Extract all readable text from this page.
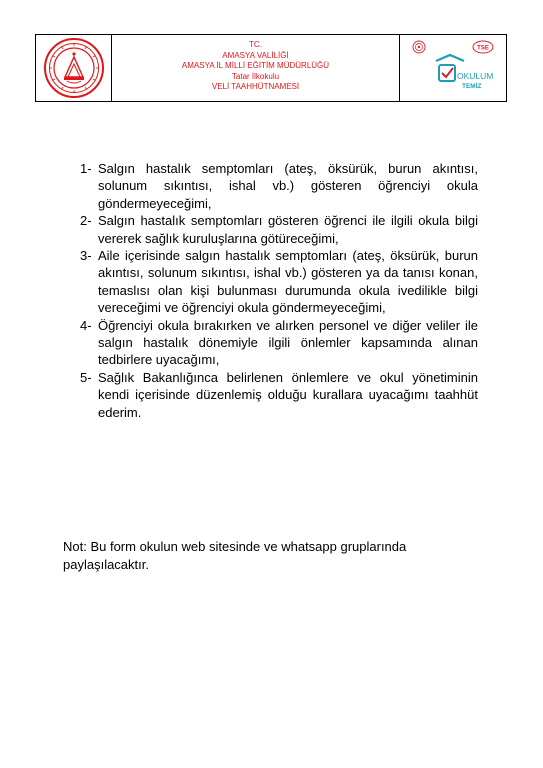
TC.
AMASYA VALİLİĞİ
AMASYA İL MİLLİ EĞİTİM MÜDÜRLÜĞÜ
Tatar İlkokulu
VELİ TAAHHÜTNAMESİ
TSE
OKULUM
TEMİZ
1- Salgın hastalık semptomları (ateş, öksürük, burun akıntısı, solunum sıkıntısı, ishal vb.) gösteren öğrenciyi okula göndermeyeceğimi,
2- Salgın hastalık semptomları gösteren öğrenci ile ilgili okula bilgi vererek sağlık kuruluşlarına götüreceğimi,
3- Aile içerisinde salgın hastalık semptomları (ateş, öksürük, burun akıntısı, solunum sıkıntısı, ishal vb.) gösteren ya da tanısı konan, temaslısı olan kişi bulunması durumunda okula ivedilikle bilgi vereceğimi ve öğrenciyi okula göndermeyeceğimi,
4- Öğrenciyi okula bırakırken ve alırken personel ve diğer veliler ile salgın hastalık dönemiyle ilgili önlemler kapsamında alınan tedbirlere uyacağımı,
5- Sağlık Bakanlığınca belirlenen önlemlere ve okul yönetiminin kendi içerisinde düzenlemiş olduğu kurallara uyacağımı taahhüt ederim.
Not: Bu form okulun web sitesinde ve whatsapp gruplarında paylaşılacaktır.
